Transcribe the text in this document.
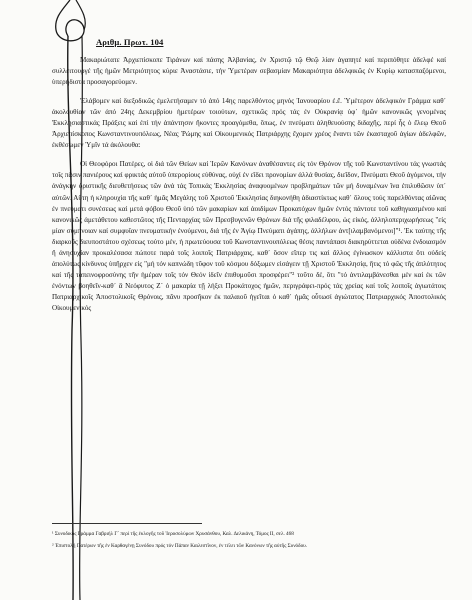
Αριθμ. Πρωτ. 104

Μακαριώτατε Ἀρχιεπίσκοπε Τιράνων καί πάσης Ἀλβανίας, ἐν Χριστῷ τῷ Θεῷ λίαν ἀγαπητέ καί περιπόθητε ἀδελφέ καί συλλειτουργέ τῆς ἡμῶν Μετριότητος κύριε Ἀναστάσιε, τήν Ὑμετέραν σεβασμίαν Μακαριότητα ἀδελφικῶς ἐν Κυρίῳ κατασπαζόμενοι, ὑπερήδιστα προσαγορεύομεν.

Ἐλάβομεν καί διεξοδικῶς ἐμελετήσαμεν τό ἀπό 14ης παρελθόντος μηνός Ἰανουαρίου ἐ.ἔ. Ὑμέτερον ἀδελφικόν Γράμμα καθ᾽ ἀκολουθίαν τῶν ἀπό 24ης Δεκεμβρίου ἡμετέρων τοιούτων, σχετικῶς πρός τάς ἐν Οὐκρανίᾳ ὑφ᾽ ἡμῶν κανονικῶς γενομένας Ἐκκλησιαστικάς Πράξεις καί ἐπί τήν ἀπάντησιν ἥκοντες προαγόμεθα, ὅπως, ἐν πνεύματι ἀληθευούσης διδαχῆς, περί ἧς ὁ ἔλεῳ Θεοῦ Ἀρχιεπίσκοπος Κωνσταντινουπόλεως, Νέας Ῥώμης καί Οἰκουμενικός Πατριάρχης ἔχομεν χρέος ἔναντι τῶν ἑκασταχοῦ ἁγίων ἀδελφῶν, ἐκθέσωμεν Ὑμῖν τά ἀκόλουθα:

Οἱ Θεοφόροι Πατέρες, οἱ διά τῶν Θείων καί Ἱερῶν Κανόνων ἀναθέσαντες εἰς τόν Θρόνον τῆς τοῦ Κωνσταντίνου τάς γνωστάς τοῖς πᾶσιν πανιέρους καί φρικτάς αὐτοῦ ὑπερορίους εὐθύνας, οὐχί ἐν εἴδει προνομίων ἀλλά θυσίας, διεῖδον, Πνεύματι Θεοῦ ἀγόμενοι, τήν ἀνάγκην ὁριστικῆς διευθετήσεως τῶν ἀνά τάς Τοπικάς Ἐκκλησίας ἀναφυομένων προβλημάτων τῶν μή δυναμένων ἵνα ἐπιλυθῶσιν ὑπ᾽ αὐτῶν. Αὕτη ἡ κληρουχία τῆς καθ᾽ ἡμᾶς Μεγάλης τοῦ Χριστοῦ Ἐκκλησίας διηκονήθη ἀδιαστίκτως καθ᾽ ὅλους τούς παρελθόντας αἰῶνας ἐν πνεύματι συνέσεως καί μετά φόβου Θεοῦ ὑπό τῶν μακαρίων καί ἀοιδίμων Προκατόχων ἡμῶν ἐντός πάντοτε τοῦ καθηγιασμένου καί κανονικῶς ἀμετάθετου καθεστῶτος τῆς Πενταρχίας τῶν Πρεσβυγενῶν Θρόνων διά τῆς φιλαδέλφου, ὡς εἰκός, ἀλληλοπεριχωρήσεως "εἰς μίαν συμπνοιαν καί συμφυΐαν πνευματικήν ἑνούμενοι, διά τῆς ἐν Ἁγίῳ Πνεύματι ἀγάπης, ἀλλήλων ἀντ[ιλαμβανόμενοι]"¹. Ἐκ ταύτης τῆς διαρκοῦς διευποστάτου σχέσεως τούτο μέν, ἡ πρωτεύουσα τοῦ Κωνσταντινουπόλεως θέσις παντάπασι διακηρύττεται οὐδένα ἐνδοιασμόν ἤ ἀνησυχίαν προκαλέσασα πώποτε παρά τοῖς λοιποῖς Πατριάρχαις, καθ᾽ ὅσον εἴπερ τις καί ἄλλος ἐγίνωσκον κάλλιστα ὅτι οὐδείς ἀπολύτως κίνδυνος ὑπῆρχεν εἰς "μή τόν καπνώδη τῦφον τοῦ κόσμου δόξωμεν εἰσάγειν τῇ Χριστοῦ Ἐκκλησίᾳ, ἥτις τό φῶς τῆς ἀπλότητος καί τῆς ταπεινοφροσύνης τῆν ἡμέραν τοῖς τόν Θεόν ἰδεῖν ἐπιθυμοῦσι προσφέρει"² τοῦτο δέ, ὅτι "τό ἀντιλαμβάνεσθαι μέν καί ἐκ τῶν ἐνόντων βοηθεῖν-καθ᾽ ἃ Νεόφυτος Ζ´ ὁ μακαρία τῇ λήξει Προκάτοχος ἡμῶν, περιγράφει-πρός τάς χρείας καί τοῖς λοιποῖς ἁγιωτάτοις Πατριαρχικοῖς Ἀποστολικοῖς Θρόνοις, πᾶνυ προσῆκον ἐκ παλαιοῦ ἡγεῖται ὁ καθ᾽ ἡμᾶς οὗτωσί ἁγιώτατος Πατριαρχικός Ἀποστολικός Οἰκουμενικός

¹ Συνοδικός Γράμμα Γαβριήλ Γ´ περί τῆς ἐκλογῆς τοῦ Ἱεροσολύμων Χρυσάνθου, Καλ. Δελικάνη, Τόμος ΙΙ, σελ. 468
² Ἐπιστολή Πατέρων τῆς ἐν Καρθαγένῃ Συνόδου πρός τόν Πάπαν Καιλεστῖνον, ἐν τέλει τῶν Κανόνων τῆς αὐτῆς Συνόδου.
